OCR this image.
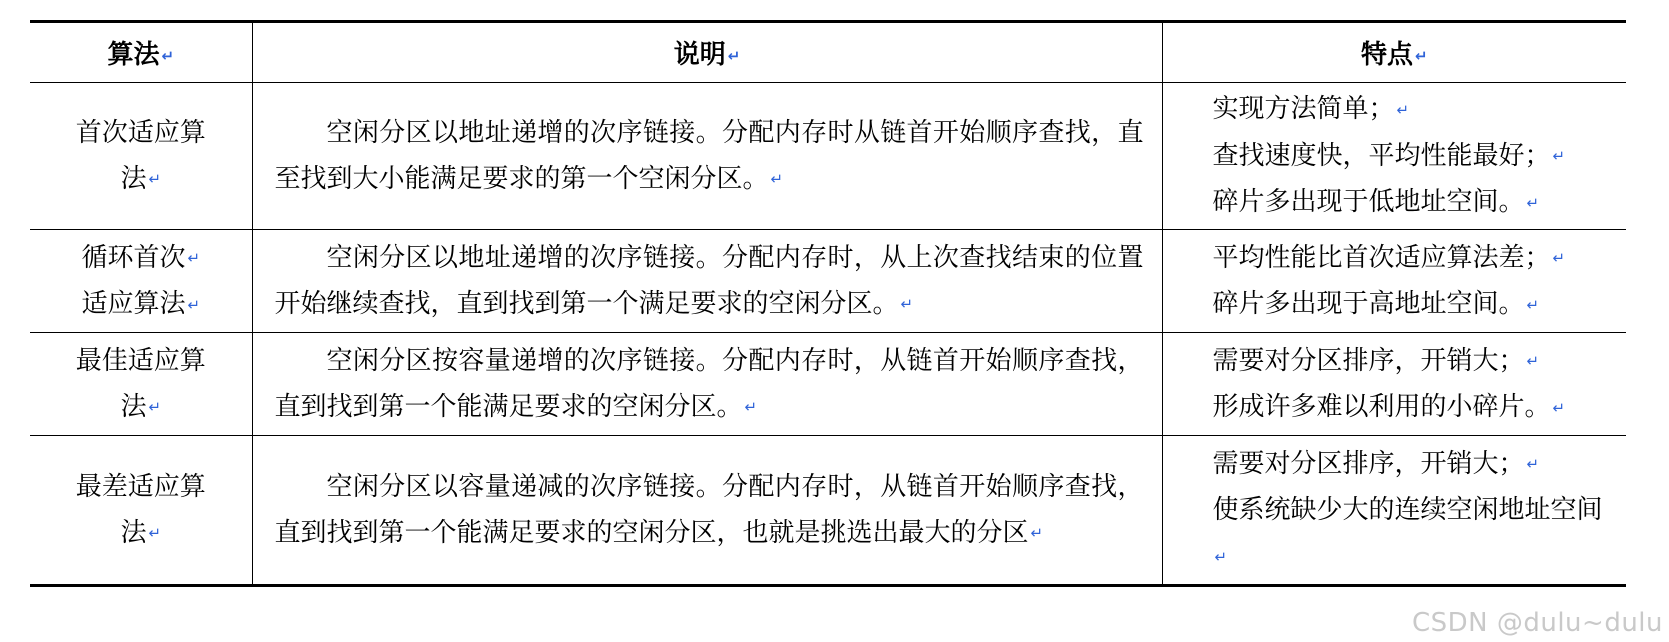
算法 ↵	说明 ↵	特点 ↵
首次适应算
法 ↵	空闲分区以地址递增的次序链接。分配内存时从链首开始顺序查找，直至找到大小能满足要求的第一个空闲分区。 ↵	实现方法简单； ↵
查找速度快，平均性能最好； ↵
碎片多出现于低地址空间。 ↵

循环首次 ↵
适应算法 ↵	空闲分区以地址递增的次序链接。分配内存时，从上次查找结束的位置开始继续查找，直到找到第一个满足要求的空闲分区。 ↵	平均性能比首次适应算法差； ↵
碎片多出现于高地址空间。 ↵

最佳适应算
法 ↵	空闲分区按容量递增的次序链接。分配内存时，从链首开始顺序查找，直到找到第一个能满足要求的空闲分区。 ↵	需要对分区排序，开销大； ↵
形成许多难以利用的小碎片。 ↵

最差适应算
法 ↵	空闲分区以容量递减的次序链接。分配内存时，从链首开始顺序查找，直到找到第一个能满足要求的空闲分区，也就是挑选出最大的分区 ↵	需要对分区排序，开销大； ↵
使系统缺少大的连续空闲地址空间↵
CSDN @dulu~dulu
